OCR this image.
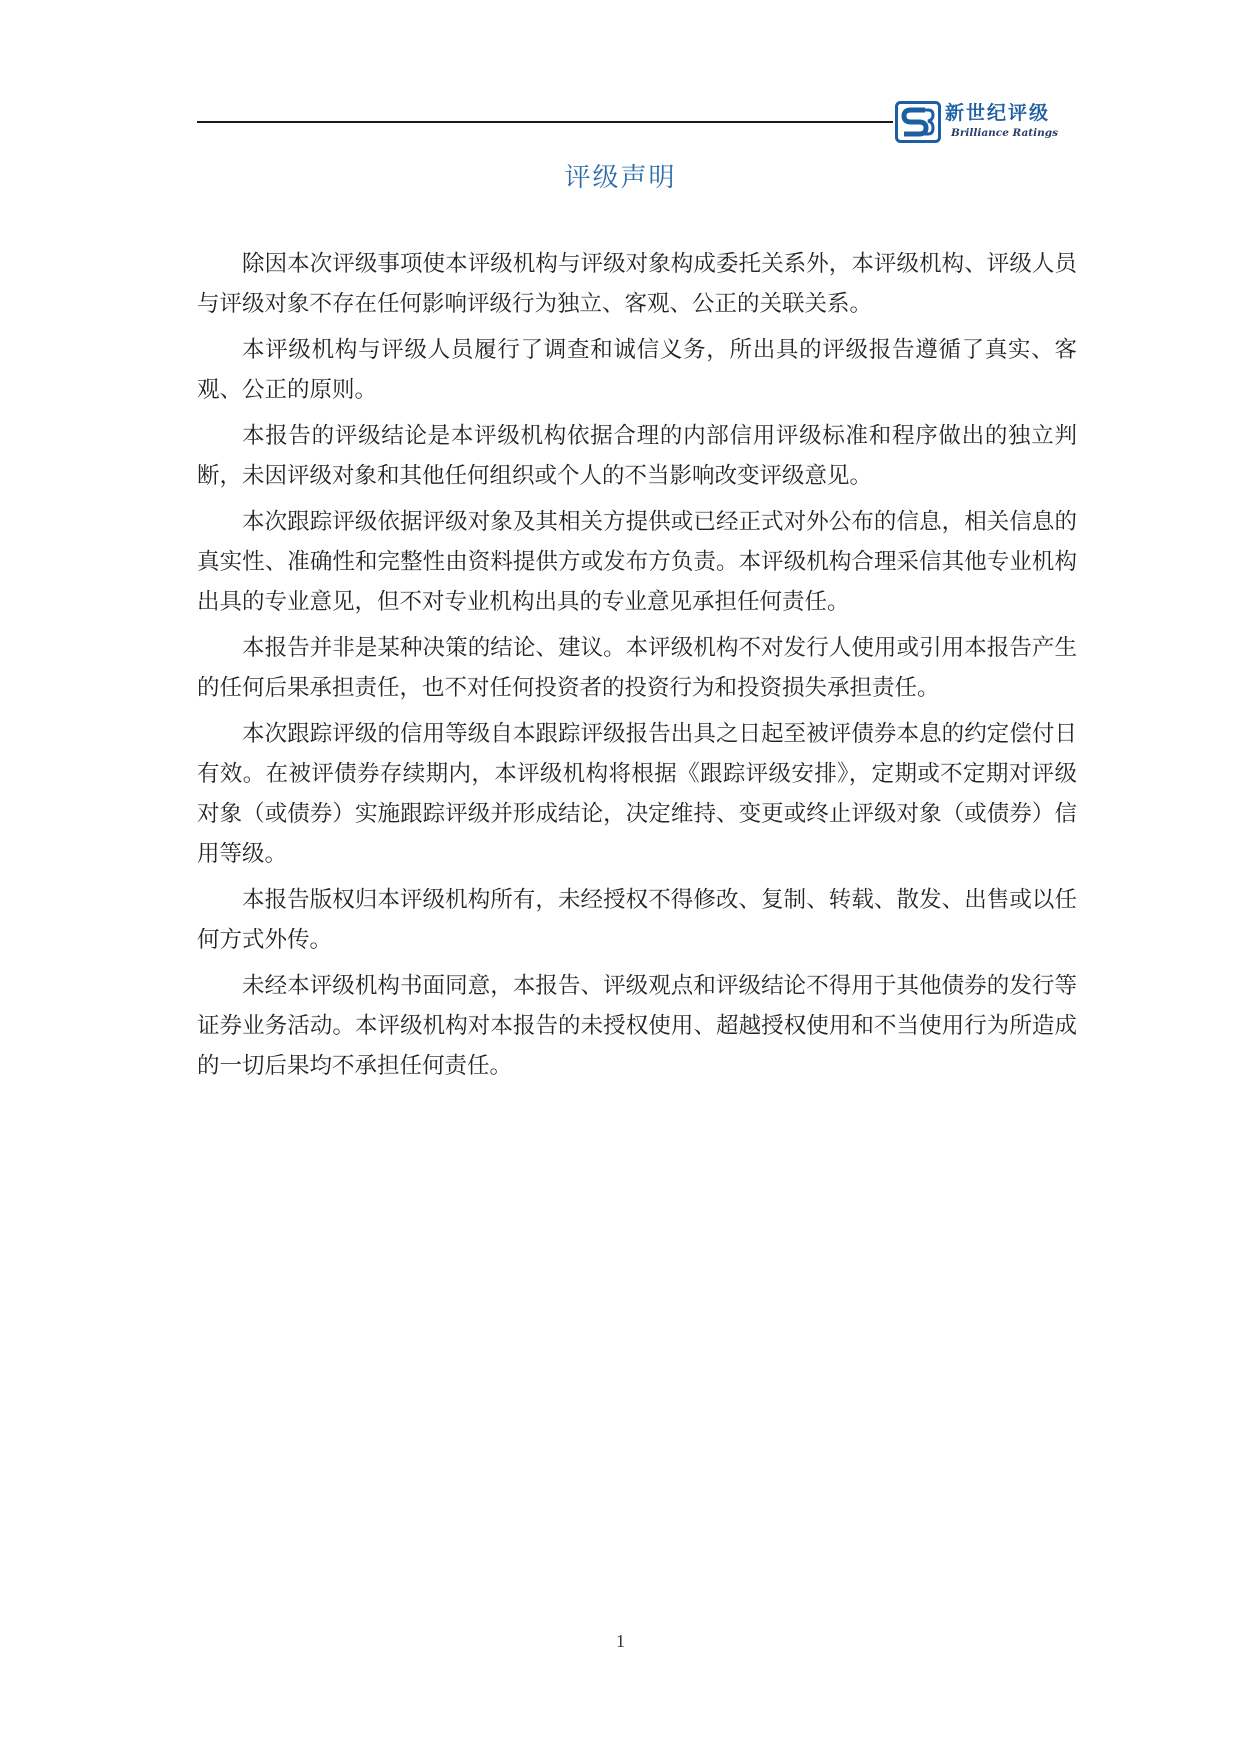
新世纪评级
Brilliance Ratings
评级声明

除因本次评级事项使本评级机构与评级对象构成委托关系外，本评级机构、评级人员与评级对象不存在任何影响评级行为独立、客观、公正的关联关系。

本评级机构与评级人员履行了调查和诚信义务，所出具的评级报告遵循了真实、客观、公正的原则。

本报告的评级结论是本评级机构依据合理的内部信用评级标准和程序做出的独立判断，未因评级对象和其他任何组织或个人的不当影响改变评级意见。

本次跟踪评级依据评级对象及其相关方提供或已经正式对外公布的信息，相关信息的真实性、准确性和完整性由资料提供方或发布方负责。本评级机构合理采信其他专业机构出具的专业意见，但不对专业机构出具的专业意见承担任何责任。

本报告并非是某种决策的结论、建议。本评级机构不对发行人使用或引用本报告产生的任何后果承担责任，也不对任何投资者的投资行为和投资损失承担责任。

本次跟踪评级的信用等级自本跟踪评级报告出具之日起至被评债券本息的约定偿付日有效。在被评债券存续期内，本评级机构将根据《跟踪评级安排》，定期或不定期对评级对象（或债券）实施跟踪评级并形成结论，决定维持、变更或终止评级对象（或债券）信用等级。

本报告版权归本评级机构所有，未经授权不得修改、复制、转载、散发、出售或以任何方式外传。

未经本评级机构书面同意，本报告、评级观点和评级结论不得用于其他债券的发行等证券业务活动。本评级机构对本报告的未授权使用、超越授权使用和不当使用行为所造成的一切后果均不承担任何责任。

1
